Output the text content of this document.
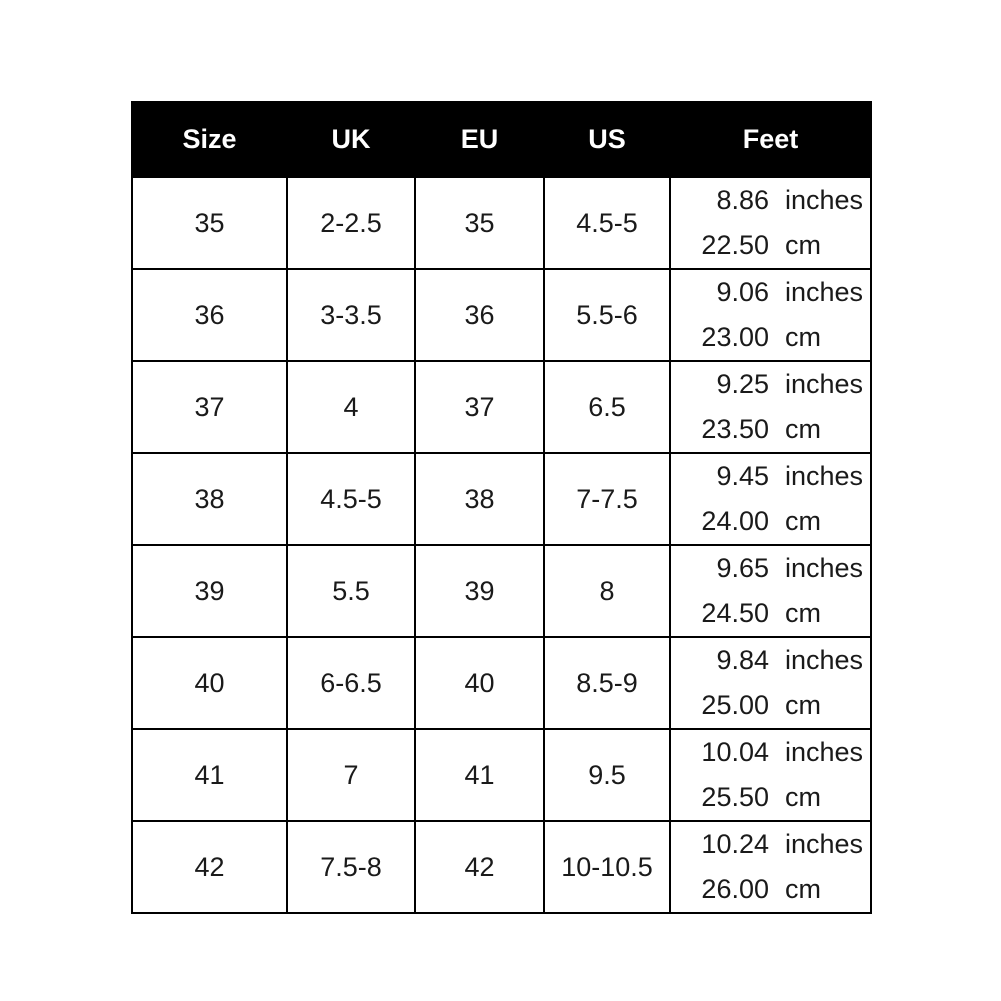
Size	UK	EU	US	Feet
35	2-2.5	35	4.5-5	8.86 inches
22.50 cm

36	3-3.5	36	5.5-6	9.06 inches
23.00 cm

37	4	37	6.5	9.25 inches
23.50 cm

38	4.5-5	38	7-7.5	9.45 inches
24.00 cm

39	5.5	39	8	9.65 inches
24.50 cm

40	6-6.5	40	8.5-9	9.84 inches
25.00 cm

41	7	41	9.5	10.04 inches
25.50 cm

42	7.5-8	42	10-10.5	10.24 inches
26.00 cm
